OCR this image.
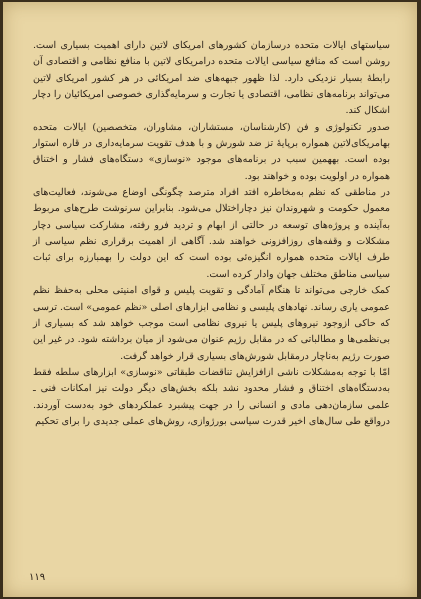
سیاستهای ایالات متحده درسازمان کشورهای امریکای لاتین دارای اهمیت بسیاری است. روشن است که منافع سیاسی ایالات متحده درامریکای لاتین با منافع نظامی و اقتصادی آن رابطهٔ بسیار نزدیکی دارد. لذا ظهور جبهه‌های ضد امریکائی در هر کشور امریکای لاتین می‌تواند برنامه‌های نظامی، اقتصادی یا تجارت و سرمایه‌گذاری خصوصی امریکائیان را دچار اشکال کند.

صدور تکنولوژی و فن (کارشناسان، مستشاران، مشاوران، متخصصین) ایالات متحده بهامریکای‌لاتین همواره برپایهٔ تز ضد شورش و با هدف تقویت سرمایه‌داری در قاره استوار بوده است. بههمین سبب در برنامه‌های موجود «نوسازی» دستگاه‌های فشار و اختناق همواره در اولویت بوده و خواهند بود.

در مناطقی که نظم به‌مخاطره افتد افراد مترصد چگونگی اوضاع می‌شوند، فعالیت‌های معمول حکومت و شهروندان نیز دچاراختلال می‌شود. بنابراین سرنوشت طرح‌های مربوط به‌آینده و پروژه‌های توسعه در حالتی از ابهام و تردید فرو رفته، مشارکت سیاسی دچار مشکلات و وقفه‌های روزافزونی خواهند شد. آگاهی از اهمیت برقراری نظم سیاسی از طرف ایالات متحده همواره انگیزه‌ئی بوده است که این دولت را بهمبارزه برای ثبات سیاسی مناطق مختلف جهان وادار کرده است.

کمک خارجی می‌تواند تا هنگام آمادگی و تقویت پلیس و قوای امنیتی محلی به‌حفظ نظم عمومی یاری رساند. نهادهای پلیسی و نظامی ابزارهای اصلی «نظم عمومی» است. ترسی که حاکی ازوجود نیروهای پلیس یا نیروی نظامی است موجب خواهد شد که بسیاری از بی‌نظمی‌ها و مطالباتی که در مقابل رژیم عنوان می‌شود از میان برداشته شود. در غیر این صورت رژیم به‌ناچار درمقابل شورش‌های بسیاری قرار خواهد گرفت.

امّا با توجه به‌مشکلات ناشی ازافزایش تناقضات طبقاتی «نوسازی» ابزارهای سلطه فقط به‌دستگاه‌های اختناق و فشار محدود نشد بلکه بخش‌های دیگر دولت نیز امکانات فنی ـ علمی سازمان‌دهی مادی و انسانی را در جهت پیشبرد عملکردهای خود به‌دست آوردند. درواقع طی سال‌های اخیر قدرت سیاسی بورژوازی، روش‌های عملی جدیدی را برای تحکیم

۱۱۹
